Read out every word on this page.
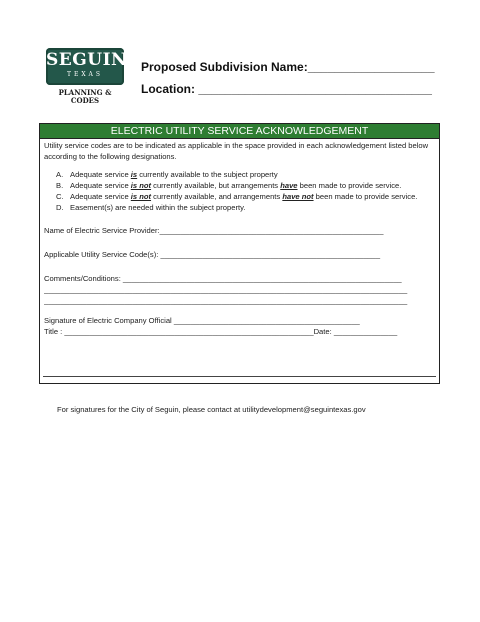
SEGUIN
TEXAS
PLANNING &
CODES
Proposed Subdivision Name:___________________
Location: ___________________________________
ELECTRIC UTILITY SERVICE ACKNOWLEDGEMENT

Utility service codes are to be indicated as applicable in the space provided in each acknowledgement listed below according to the following designations.

A. Adequate service is currently available to the subject property
B. Adequate service is not currently available, but arrangements have been made to provide service.
C. Adequate service is not currently available, and arrangements have not been made to provide service.
D. Easement(s) are needed within the subject property.

Name of Electric Service Provider:_____________________________________________________

Applicable Utility Service Code(s): ____________________________________________________

Comments/Conditions: __________________________________________________________________

______________________________________________________________________________________

______________________________________________________________________________________

Signature of Electric Company Official ____________________________________________

Title : ___________________________________________________________Date: _______________

For signatures for the City of Seguin, please contact at utilitydevelopment@seguintexas.gov
